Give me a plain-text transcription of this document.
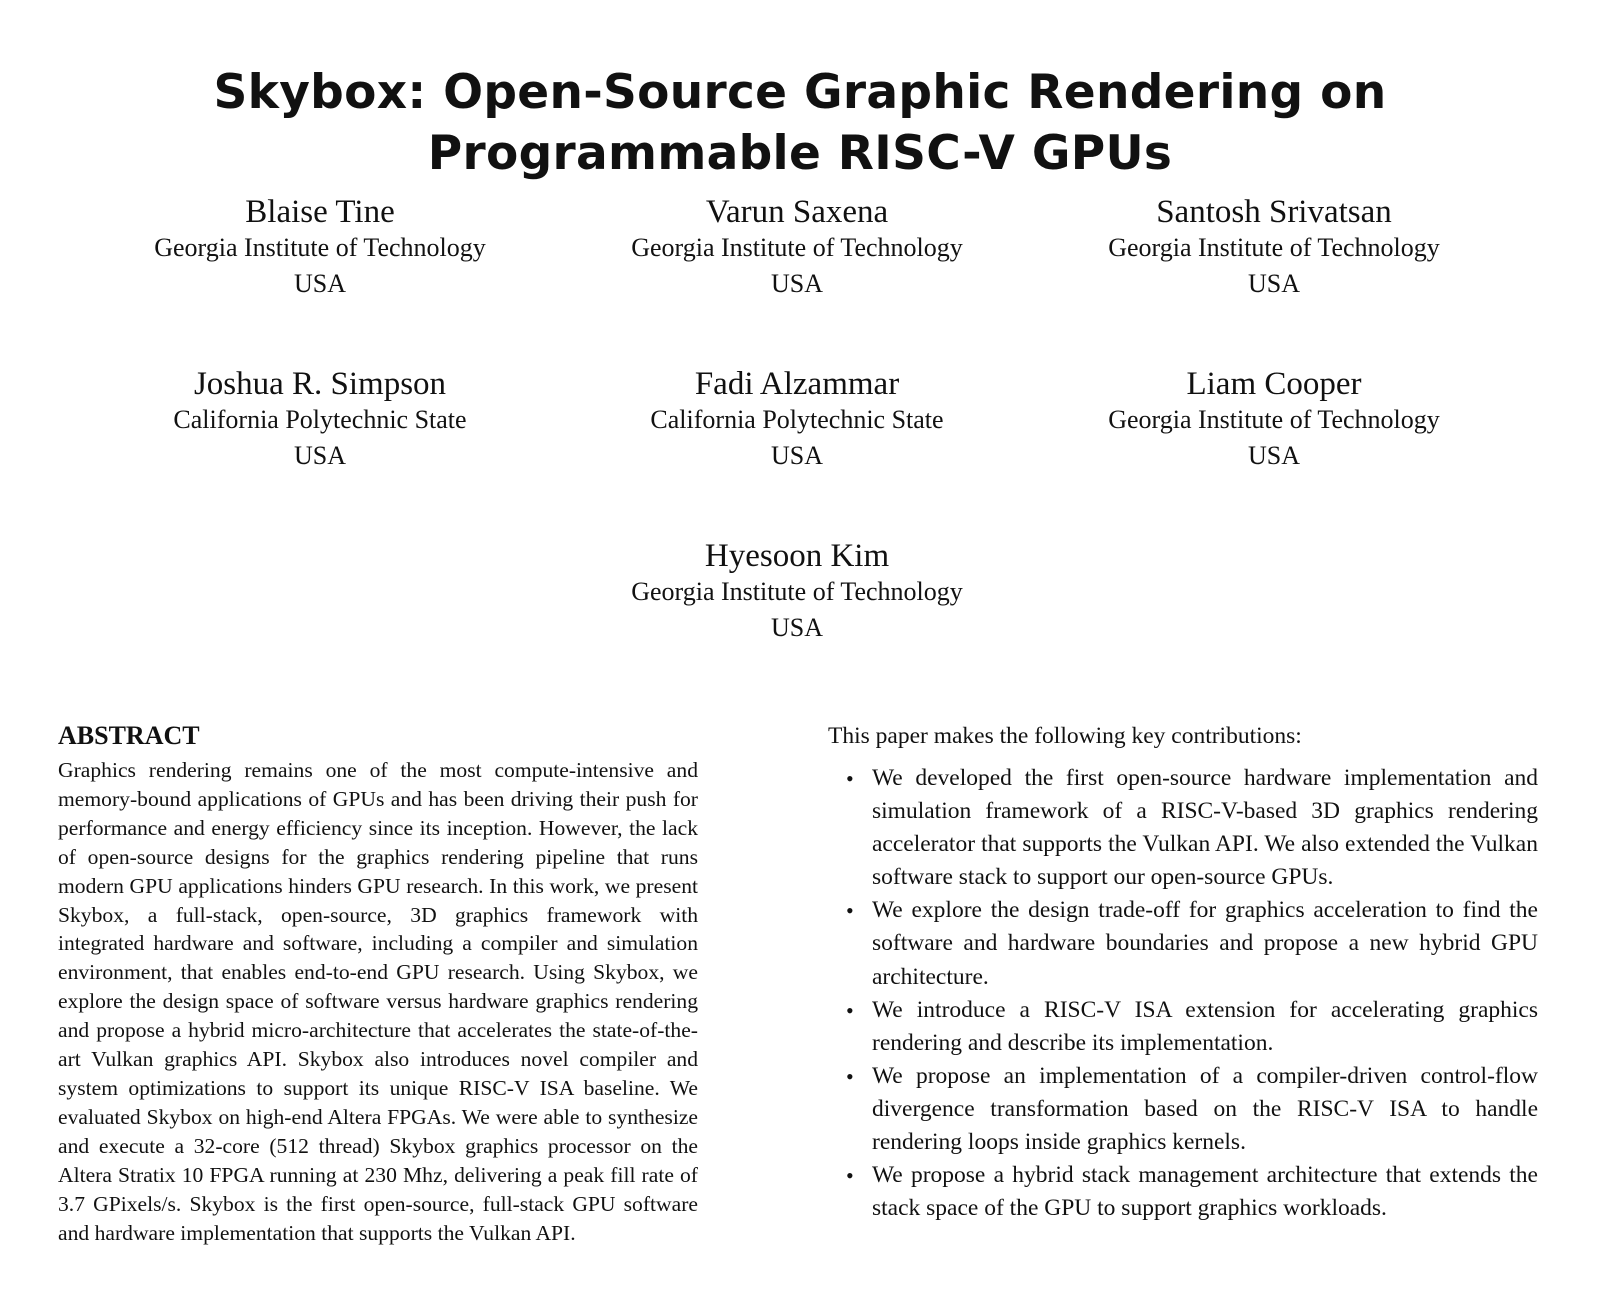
Skybox: Open-Source Graphic Rendering on Programmable RISC-V GPUs
Blaise Tine
Georgia Institute of Technology
USA
Varun Saxena
Georgia Institute of Technology
USA
Santosh Srivatsan
Georgia Institute of Technology
USA
Joshua R. Simpson
California Polytechnic State
USA
Fadi Alzammar
California Polytechnic State
USA
Liam Cooper
Georgia Institute of Technology
USA
Hyesoon Kim
Georgia Institute of Technology
USA
ABSTRACT

Graphics rendering remains one of the most compute-intensive and memory-bound applications of GPUs and has been driving their push for performance and energy efficiency since its inception. However, the lack of open-source designs for the graphics rendering pipeline that runs modern GPU applications hinders GPU research. In this work, we present Skybox, a full-stack, open-source, 3D graphics framework with integrated hardware and software, including a compiler and simulation environment, that enables end-to-end GPU research. Using Skybox, we explore the design space of software versus hardware graphics rendering and propose a hybrid micro-architecture that accelerates the state-of-the-art Vulkan graphics API. Skybox also introduces novel compiler and system optimizations to support its unique RISC-V ISA baseline. We evaluated Skybox on high-end Altera FPGAs. We were able to synthesize and execute a 32-core (512 thread) Skybox graphics processor on the Altera Stratix 10 FPGA running at 230 Mhz, delivering a peak fill rate of 3.7 GPixels/s. Skybox is the first open-source, full-stack GPU software and hardware implementation that supports the Vulkan API.

This paper makes the following key contributions:

• We developed the first open-source hardware implementation and simulation framework of a RISC-V-based 3D graphics rendering accelerator that supports the Vulkan API. We also extended the Vulkan software stack to support our open-source GPUs.
• We explore the design trade-off for graphics acceleration to find the software and hardware boundaries and propose a new hybrid GPU architecture.
• We introduce a RISC-V ISA extension for accelerating graphics rendering and describe its implementation.
• We propose an implementation of a compiler-driven control-flow divergence transformation based on the RISC-V ISA to handle rendering loops inside graphics kernels.
• We propose a hybrid stack management architecture that extends the stack space of the GPU to support graphics workloads.
